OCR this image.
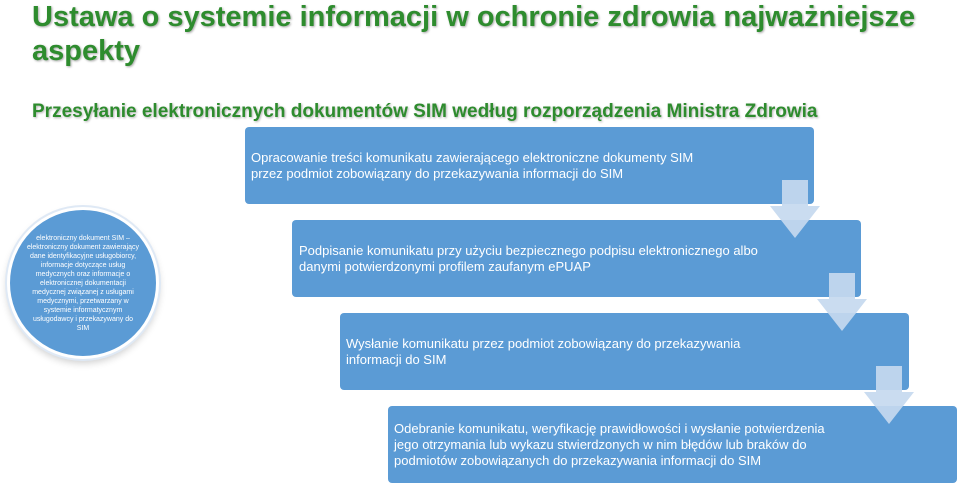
Ustawa o systemie informacji w ochronie zdrowia najważniejsze aspekty
Przesyłanie elektronicznych dokumentów SIM według rozporządzenia Ministra Zdrowia
elektroniczny dokument SIM – elektroniczny dokument zawierający dane identyfikacyjne usługobiorcy, informacje dotyczące usług medycznych oraz informacje o elektronicznej dokumentacji medycznej związanej z usługami medycznymi, przetwarzany w systemie informatycznym usługodawcy i przekazywany do SIM
Opracowanie treści komunikatu zawierającego elektroniczne dokumenty SIM przez podmiot zobowiązany do przekazywania informacji do SIM
Podpisanie komunikatu przy użyciu bezpiecznego podpisu elektronicznego albo danymi potwierdzonymi profilem zaufanym ePUAP
Wysłanie komunikatu przez podmiot zobowiązany do przekazywania informacji do SIM
Odebranie komunikatu, weryfikację prawidłowości i wysłanie potwierdzenia jego otrzymania lub wykazu stwierdzonych w nim błędów lub braków do podmiotów zobowiązanych do przekazywania informacji do SIM
